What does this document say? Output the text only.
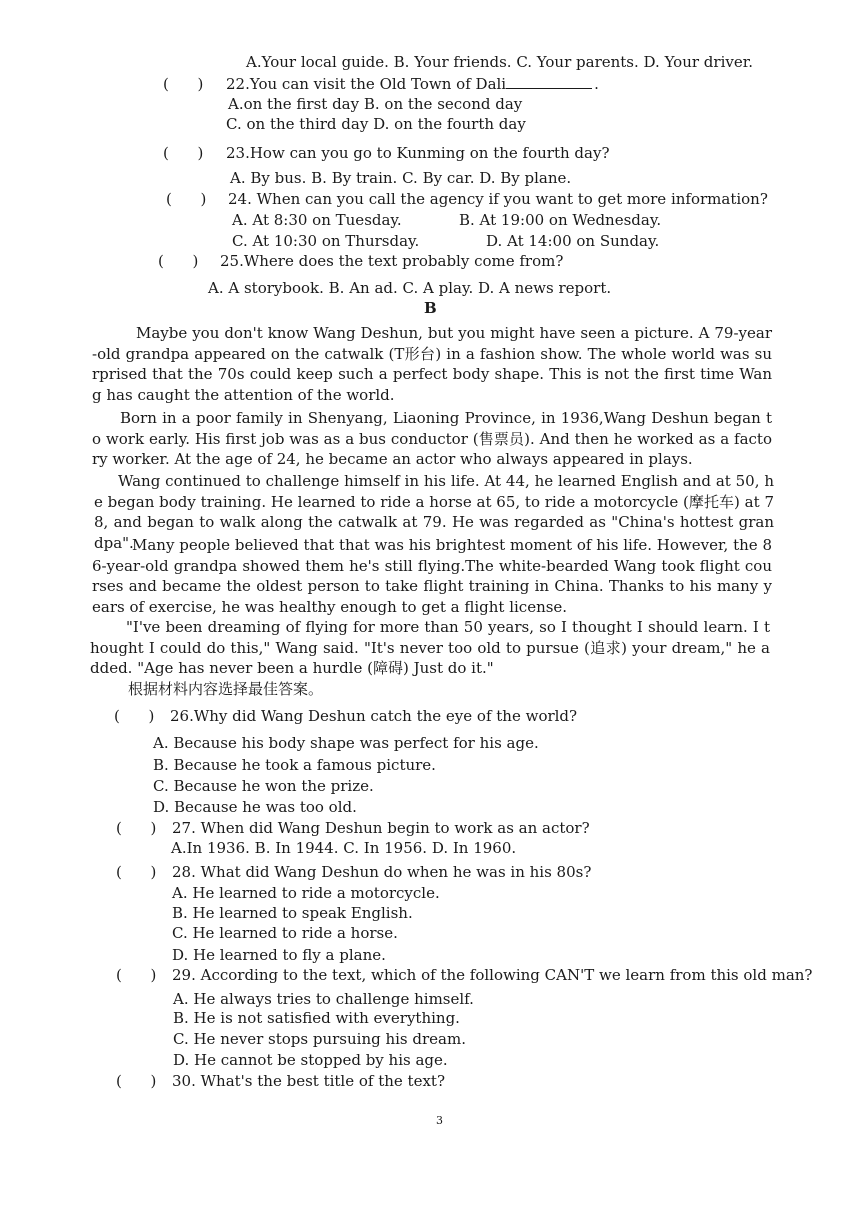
A.Your local guide. B. Your friends. C. Your parents. D. Your driver.
(      ) 22.You can visit the Old Town of Dali	.
A.on the first day B. on the second day
C. on the third day D. on the fourth day
(      ) 23.How can you go to Kunming on the fourth day?
A. By bus. B. By train. C. By car. D. By plane.
(      ) 24. When can you call the agency if you want to get more information?
A. At 8:30 on Tuesday.	B. At 19:00 on Wednesday.
C. At 10:30 on Thursday.	D. At 14:00 on Sunday.
(      ) 25.Where does the text probably come from?
A. A storybook. B. An ad. C. A play. D. A news report.
B
Maybe you don't know Wang Deshun, but you might have seen a picture. A 79-year-old grandpa appeared on the catwalk (T形台) in a fashion show. The whole world was surprised that the 70s could keep such a perfect body shape. This is not the first time Wang has caught the attention of the world.
Born in a poor family in Shenyang, Liaoning Province, in 1936,Wang Deshun began to work early. His first job was as a bus conductor (售票员). And then he worked as a factory worker. At the age of 24, he became an actor who always appeared in plays.
Wang continued to challenge himself in his life. At 44, he learned English and at 50, he began body training. He learned to ride a horse at 65, to ride a motorcycle (摩托车) at 78, and began to walk along the catwalk at 79. He was regarded as "China's hottest grandpa".
Many people believed that that was his brightest moment of his life. However, the 86-year-old grandpa showed them he's still flying.The white-bearded Wang took flight courses and became the oldest person to take flight training in China. Thanks to his many years of exercise, he was healthy enough to get a flight license.
"I've been dreaming of flying for more than 50 years, so I thought I should learn. I thought I could do this," Wang said. "It's never too old to pursue (追求) your dream," he added. "Age has never been a hurdle (障碍) Just do it."
根据材料内容选择最佳答案。
(      ) 26.Why did Wang Deshun catch the eye of the world?
A. Because his body shape was perfect for his age.
B. Because he took a famous picture.
C. Because he won the prize.
D. Because he was too old.
(      ) 27. When did Wang Deshun begin to work as an actor?
A.In 1936. B. In 1944. C. In 1956. D. In 1960.
(      ) 28. What did Wang Deshun do when he was in his 80s?
A. He learned to ride a motorcycle.
B. He learned to speak English.
C. He learned to ride a horse.
D. He learned to fly a plane.
(      ) 29. According to the text, which of the following CAN'T we learn from this old man?
A. He always tries to challenge himself.
B. He is not satisfied with everything.
C. He never stops pursuing his dream.
D. He cannot be stopped by his age.
(      ) 30. What's the best title of the text?
3
